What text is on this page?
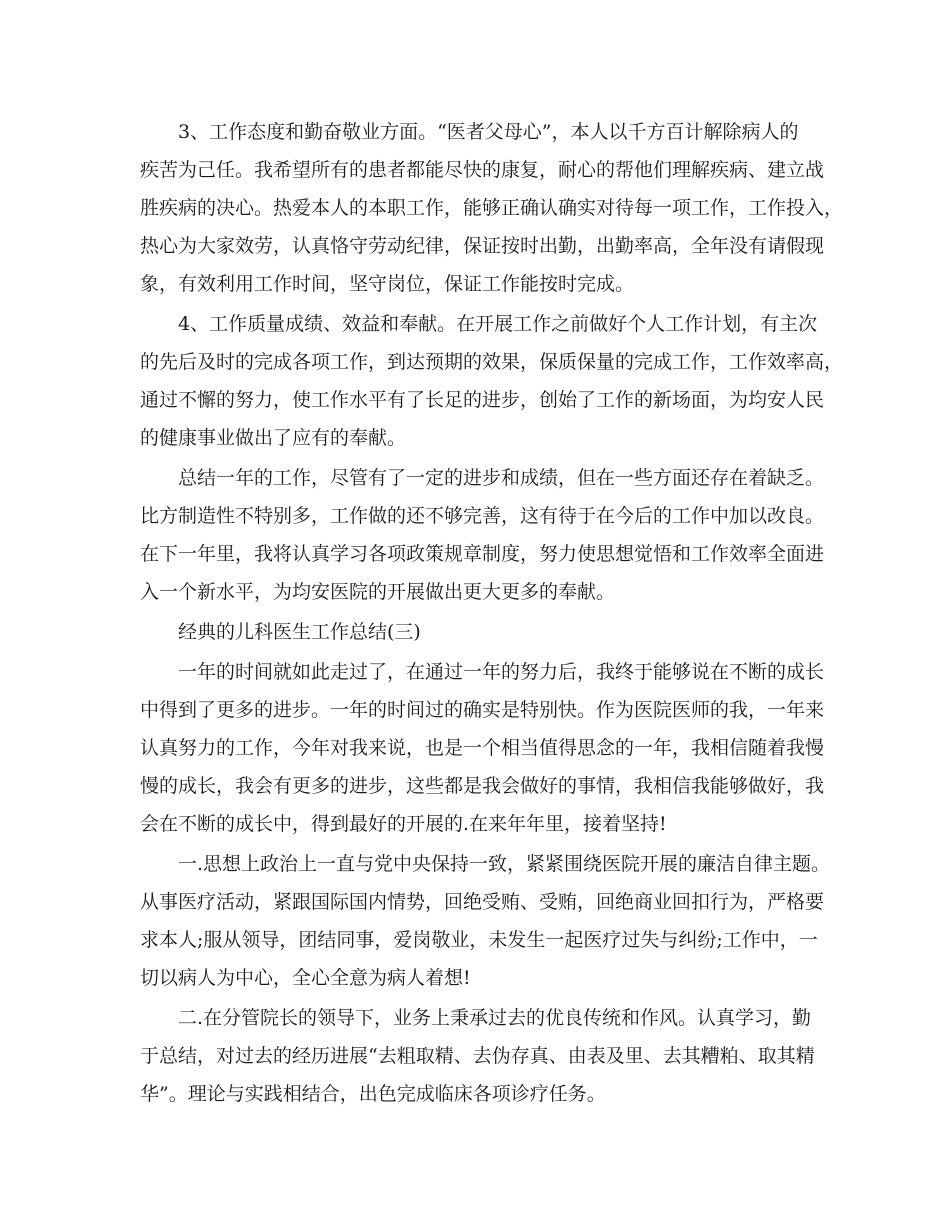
3、工作态度和勤奋敬业方面。“医者父母心”，本人以千方百计解除病人的
疾苦为己任。我希望所有的患者都能尽快的康复，耐心的帮他们理解疾病、建立战
胜疾病的决心。热爱本人的本职工作，能够正确认确实对待每一项工作，工作投入，
热心为大家效劳，认真恪守劳动纪律，保证按时出勤，出勤率高，全年没有请假现
象，有效利用工作时间，坚守岗位，保证工作能按时完成。
4、工作质量成绩、效益和奉献。在开展工作之前做好个人工作计划，有主次
的先后及时的完成各项工作，到达预期的效果，保质保量的完成工作，工作效率高，
通过不懈的努力，使工作水平有了长足的进步，创始了工作的新场面，为均安人民
的健康事业做出了应有的奉献。
总结一年的工作，尽管有了一定的进步和成绩，但在一些方面还存在着缺乏。
比方制造性不特别多，工作做的还不够完善，这有待于在今后的工作中加以改良。
在下一年里，我将认真学习各项政策规章制度，努力使思想觉悟和工作效率全面进
入一个新水平，为均安医院的开展做出更大更多的奉献。
经典的儿科医生工作总结(三)
一年的时间就如此走过了，在通过一年的努力后，我终于能够说在不断的成长
中得到了更多的进步。一年的时间过的确实是特别快。作为医院医师的我，一年来
认真努力的工作，今年对我来说，也是一个相当值得思念的一年，我相信随着我慢
慢的成长，我会有更多的进步，这些都是我会做好的事情，我相信我能够做好，我
会在不断的成长中，得到最好的开展的.在来年年里，接着坚持!
一.思想上政治上一直与党中央保持一致，紧紧围绕医院开展的廉洁自律主题。
从事医疗活动，紧跟国际国内情势，回绝受贿、受贿，回绝商业回扣行为，严格要
求本人;服从领导，团结同事，爱岗敬业，未发生一起医疗过失与纠纷;工作中，一
切以病人为中心，全心全意为病人着想!
二.在分管院长的领导下，业务上秉承过去的优良传统和作风。认真学习，勤
于总结，对过去的经历进展“去粗取精、去伪存真、由表及里、去其糟粕、取其精
华”。理论与实践相结合，出色完成临床各项诊疗任务。
